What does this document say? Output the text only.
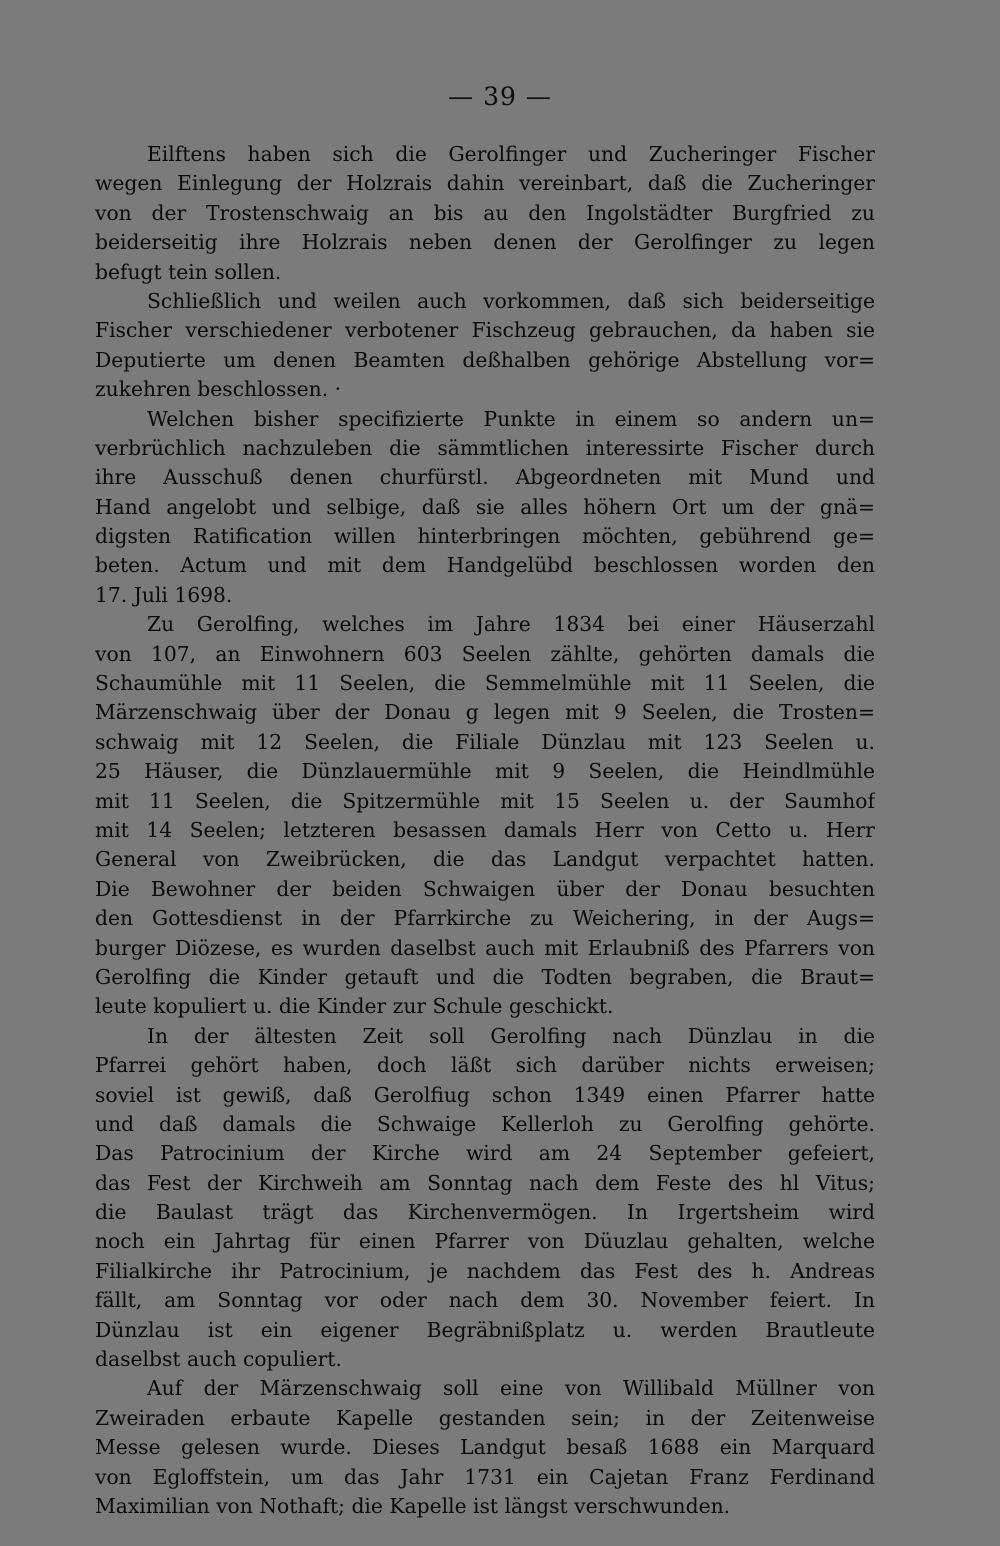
— 39 —
Eilftens haben sich die Gerolfinger und Zucheringer Fischer
wegen Einlegung der Holzrais dahin vereinbart, daß die Zucheringer
von der Trostenschwaig an bis au den Ingolstädter Burgfried zu
beiderseitig ihre Holzrais neben denen der Gerolfinger zu legen
befugt tein sollen.
Schließlich und weilen auch vorkommen, daß sich beiderseitige
Fischer verschiedener verbotener Fischzeug gebrauchen, da haben sie
Deputierte um denen Beamten deßhalben gehörige Abstellung vor=
zukehren beschlossen. ·
Welchen bisher specifizierte Punkte in einem so andern un=
verbrüchlich nachzuleben die sämmtlichen interessirte Fischer durch
ihre Ausschuß denen churfürstl. Abgeordneten mit Mund und
Hand angelobt und selbige, daß sie alles höhern Ort um der gnä=
digsten Ratification willen hinterbringen möchten, gebührend ge=
beten. Actum und mit dem Handgelübd beschlossen worden den
17. Juli 1698.
Zu Gerolfing, welches im Jahre 1834 bei einer Häuserzahl
von 107, an Einwohnern 603 Seelen zählte, gehörten damals die
Schaumühle mit 11 Seelen, die Semmelmühle mit 11 Seelen, die
Märzenschwaig über der Donau g legen mit 9 Seelen, die Trosten=
schwaig mit 12 Seelen, die Filiale Dünzlau mit 123 Seelen u.
25 Häuser, die Dünzlauermühle mit 9 Seelen, die Heindlmühle
mit 11 Seelen, die Spitzermühle mit 15 Seelen u. der Saumhof
mit 14 Seelen; letzteren besassen damals Herr von Cetto u. Herr
General von Zweibrücken, die das Landgut verpachtet hatten.
Die Bewohner der beiden Schwaigen über der Donau besuchten
den Gottesdienst in der Pfarrkirche zu Weichering, in der Augs=
burger Diözese, es wurden daselbst auch mit Erlaubniß des Pfarrers von
Gerolfing die Kinder getauft und die Todten begraben, die Braut=
leute kopuliert u. die Kinder zur Schule geschickt.
In der ältesten Zeit soll Gerolfing nach Dünzlau in die
Pfarrei gehört haben, doch läßt sich darüber nichts erweisen;
soviel ist gewiß, daß Gerolfiug schon 1349 einen Pfarrer hatte
und daß damals die Schwaige Kellerloh zu Gerolfing gehörte.
Das Patrocinium der Kirche wird am 24 September gefeiert,
das Fest der Kirchweih am Sonntag nach dem Feste des hl Vitus;
die Baulast trägt das Kirchenvermögen. In Irgertsheim wird
noch ein Jahrtag für einen Pfarrer von Düuzlau gehalten, welche
Filialkirche ihr Patrocinium, je nachdem das Fest des h. Andreas
fällt, am Sonntag vor oder nach dem 30. November feiert. In
Dünzlau ist ein eigener Begräbnißplatz u. werden Brautleute
daselbst auch copuliert.
Auf der Märzenschwaig soll eine von Willibald Müllner von
Zweiraden erbaute Kapelle gestanden sein; in der Zeitenweise
Messe gelesen wurde. Dieses Landgut besaß 1688 ein Marquard
von Egloffstein, um das Jahr 1731 ein Cajetan Franz Ferdinand
Maximilian von Nothaft; die Kapelle ist längst verschwunden.
